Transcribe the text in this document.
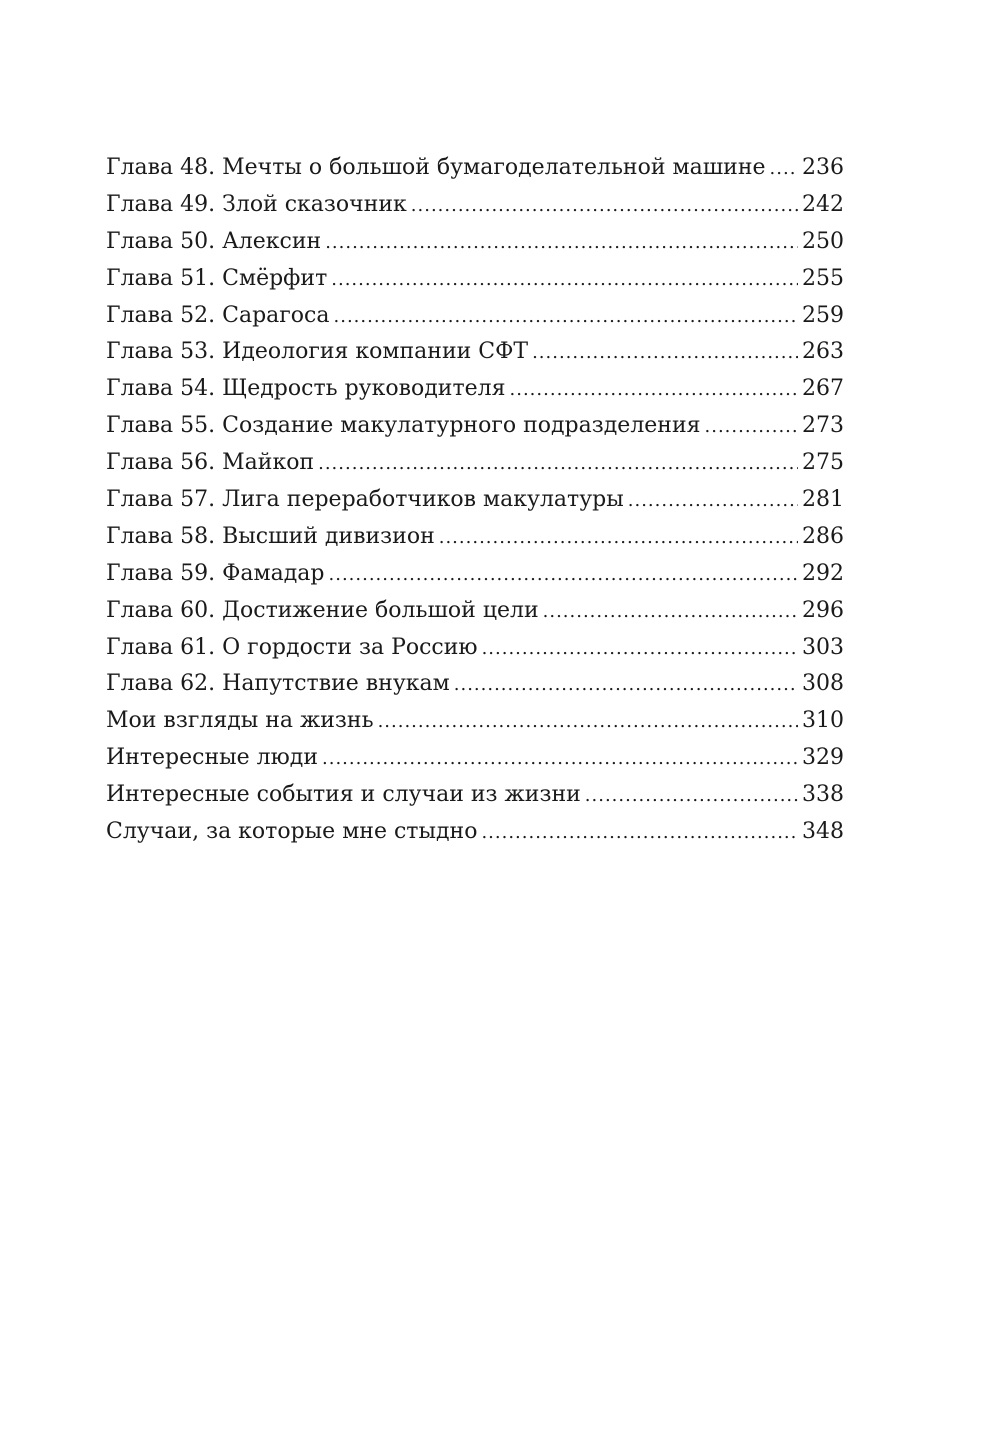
Глава 48. Мечты о большой бумагоделательной машине ..... 236
Глава 49. Злой сказочник .....	242
Глава 50. Алексин .....	250
Глава 51. Смёрфит .....	255
Глава 52. Сарагоса .....	259
Глава 53. Идеология компании СФТ .....	263
Глава 54. Щедрость руководителя .....	267
Глава 55. Создание макулатурного подразделения .....	273
Глава 56. Майкоп .....	275
Глава 57. Лига переработчиков макулатуры .....	281
Глава 58. Высший дивизион .....	286
Глава 59. Фамадар .....	292
Глава 60. Достижение большой цели .....	296
Глава 61. О гордости за Россию .....	303
Глава 62. Напутствие внукам .....	308
Мои взгляды на жизнь .....	310
Интересные люди .....	329
Интересные события и случаи из жизни .....	338
Случаи, за которые мне стыдно .....	348
